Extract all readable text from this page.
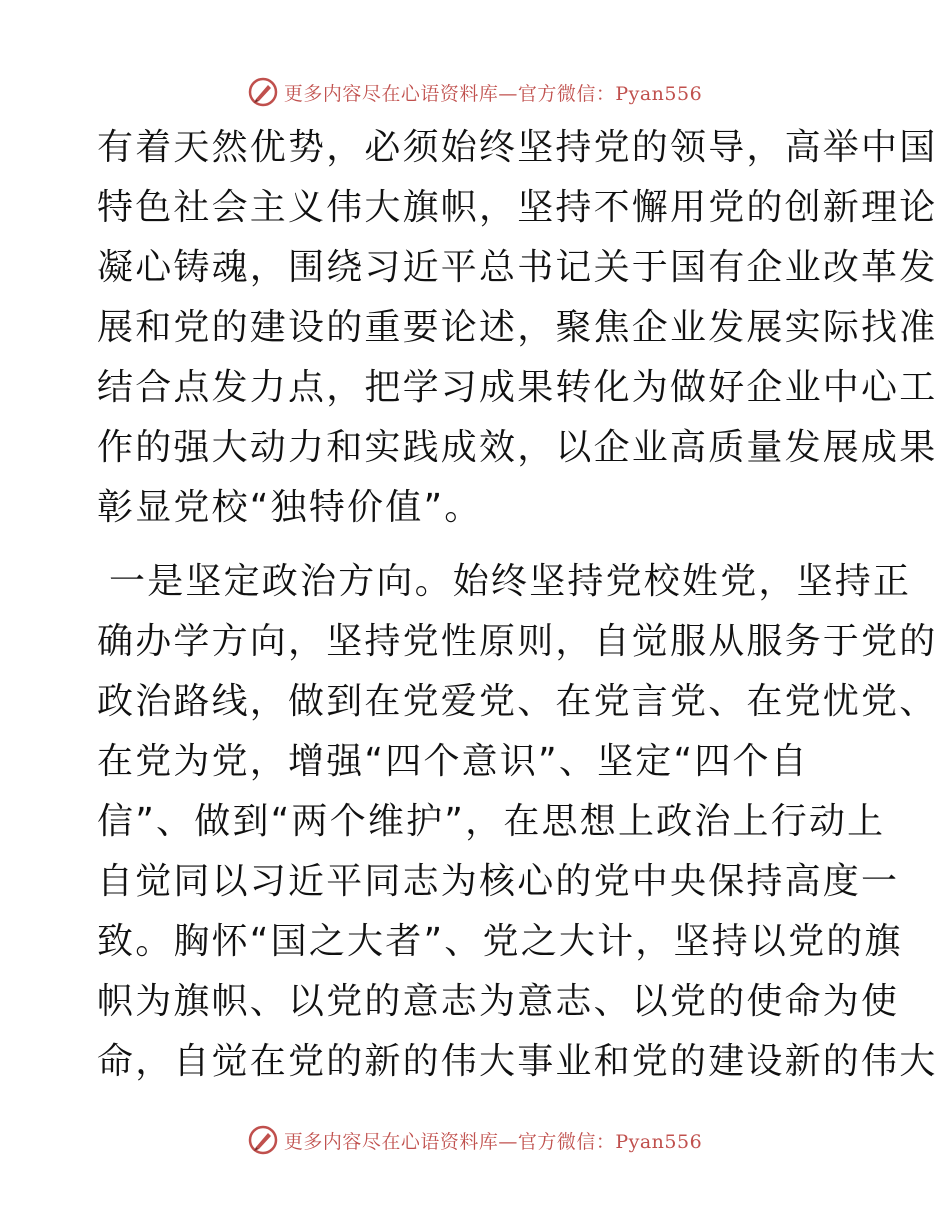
更多内容尽在心语资料库—官方微信：Pyan556
有着天然优势，必须始终坚持党的领导，高举中国
特色社会主义伟大旗帜，坚持不懈用党的创新理论
凝心铸魂，围绕习近平总书记关于国有企业改革发
展和党的建设的重要论述，聚焦企业发展实际找准
结合点发力点，把学习成果转化为做好企业中心工
作的强大动力和实践成效，以企业高质量发展成果
彰显党校“独特价值”。
一是坚定政治方向。始终坚持党校姓党，坚持正
确办学方向，坚持党性原则，自觉服从服务于党的
政治路线，做到在党爱党、在党言党、在党忧党、
在党为党，增强“四个意识”、坚定“四个自
信”、做到“两个维护”，在思想上政治上行动上
自觉同以习近平同志为核心的党中央保持高度一
致。胸怀“国之大者”、党之大计，坚持以党的旗
帜为旗帜、以党的意志为意志、以党的使命为使
命，自觉在党的新的伟大事业和党的建设新的伟大
更多内容尽在心语资料库—官方微信：Pyan556
